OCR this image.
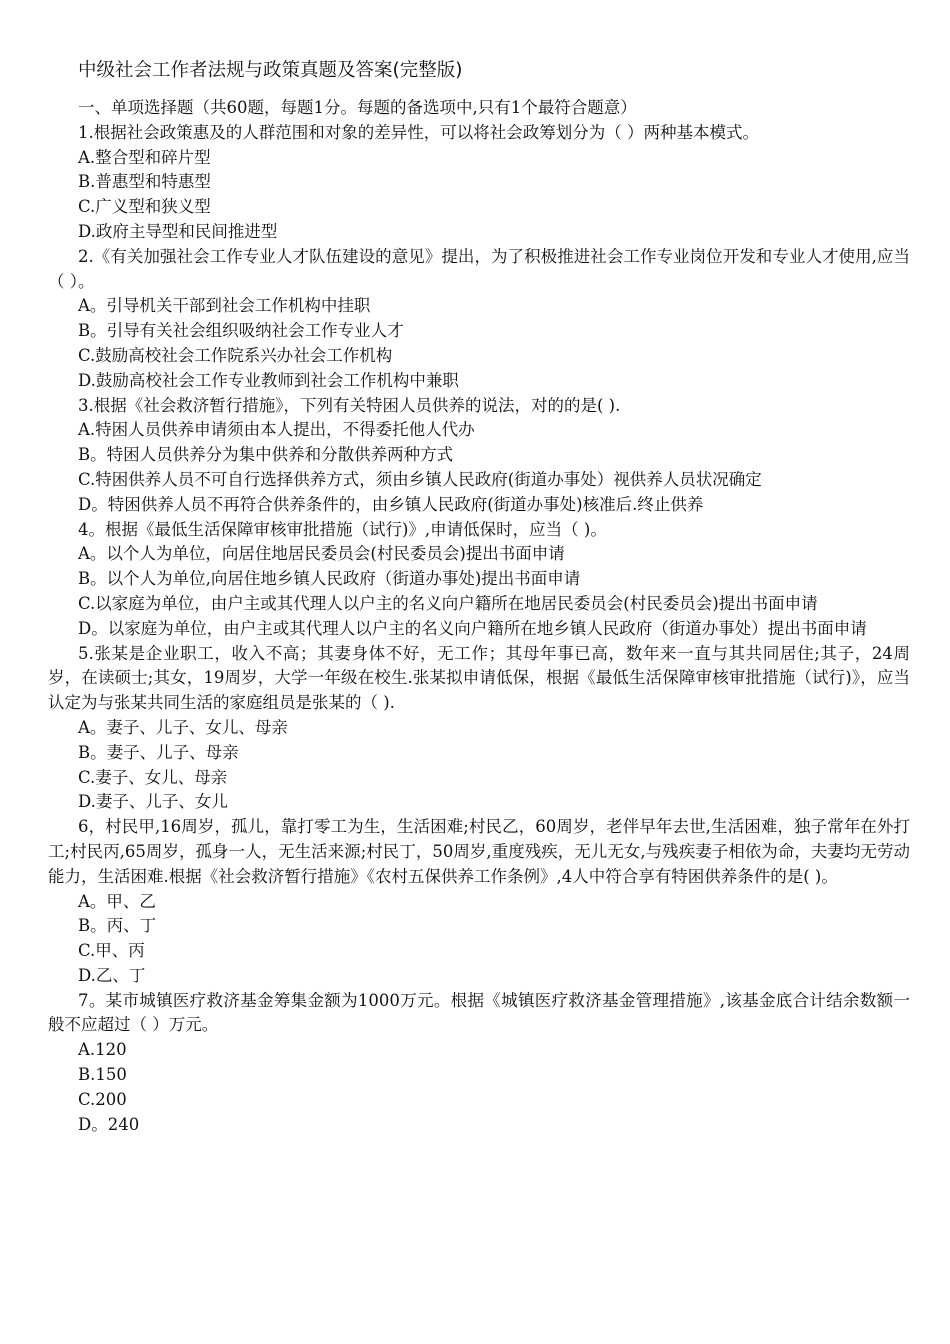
中级社会工作者法规与政策真题及答案(完整版)

一、单项选择题（共60题，每题1分。每题的备选项中,只有1个最符合题意）

1.根据社会政策惠及的人群范围和对象的差异性，可以将社会政筹划分为（ ）两种基本模式。

A.整合型和碎片型

B.普惠型和特惠型

C.广义型和狭义型

D.政府主导型和民间推进型

2.《有关加强社会工作专业人才队伍建设的意见》提出，为了积极推进社会工作专业岗位开发和专业人才使用,应当（ ）。

A。引导机关干部到社会工作机构中挂职

B。引导有关社会组织吸纳社会工作专业人才

C.鼓励高校社会工作院系兴办社会工作机构

D.鼓励高校社会工作专业教师到社会工作机构中兼职

3.根据《社会救济暂行措施》，下列有关特困人员供养的说法，对的的是( ).

A.特困人员供养申请须由本人提出，不得委托他人代办

B。特困人员供养分为集中供养和分散供养两种方式

C.特困供养人员不可自行选择供养方式，须由乡镇人民政府(街道办事处）视供养人员状况确定

D。特困供养人员不再符合供养条件的，由乡镇人民政府(街道办事处)核准后.终止供养

4。根据《最低生活保障审核审批措施（试行)》,申请低保时，应当（ )。

A。以个人为单位，向居住地居民委员会(村民委员会)提出书面申请

B。以个人为单位,向居住地乡镇人民政府（街道办事处)提出书面申请

C.以家庭为单位，由户主或其代理人以户主的名义向户籍所在地居民委员会(村民委员会)提出书面申请

D。以家庭为单位，由户主或其代理人以户主的名义向户籍所在地乡镇人民政府（街道办事处）提出书面申请

5.张某是企业职工，收入不高；其妻身体不好，无工作；其母年事已高，数年来一直与其共同居住;其子，24周岁，在读硕士;其女，19周岁，大学一年级在校生.张某拟申请低保，根据《最低生活保障审核审批措施（试行)》，应当认定为与张某共同生活的家庭组员是张某的（ ).

A。妻子、儿子、女儿、母亲

B。妻子、儿子、母亲

C.妻子、女儿、母亲

D.妻子、儿子、女儿

6，村民甲,16周岁，孤儿，靠打零工为生，生活困难;村民乙，60周岁，老伴早年去世,生活困难，独子常年在外打工;村民丙,65周岁，孤身一人，无生活来源;村民丁，50周岁,重度残疾，无儿无女,与残疾妻子相依为命，夫妻均无劳动能力，生活困难.根据《社会救济暂行措施》《农村五保供养工作条例》,4人中符合享有特困供养条件的是( )。

A。甲、乙

B。丙、丁

C.甲、丙

D.乙、丁

7。某市城镇医疗救济基金筹集金额为1000万元。根据《城镇医疗救济基金管理措施》,该基金底合计结余数额一般不应超过（ ）万元。

A.120

B.150

C.200

D。240
